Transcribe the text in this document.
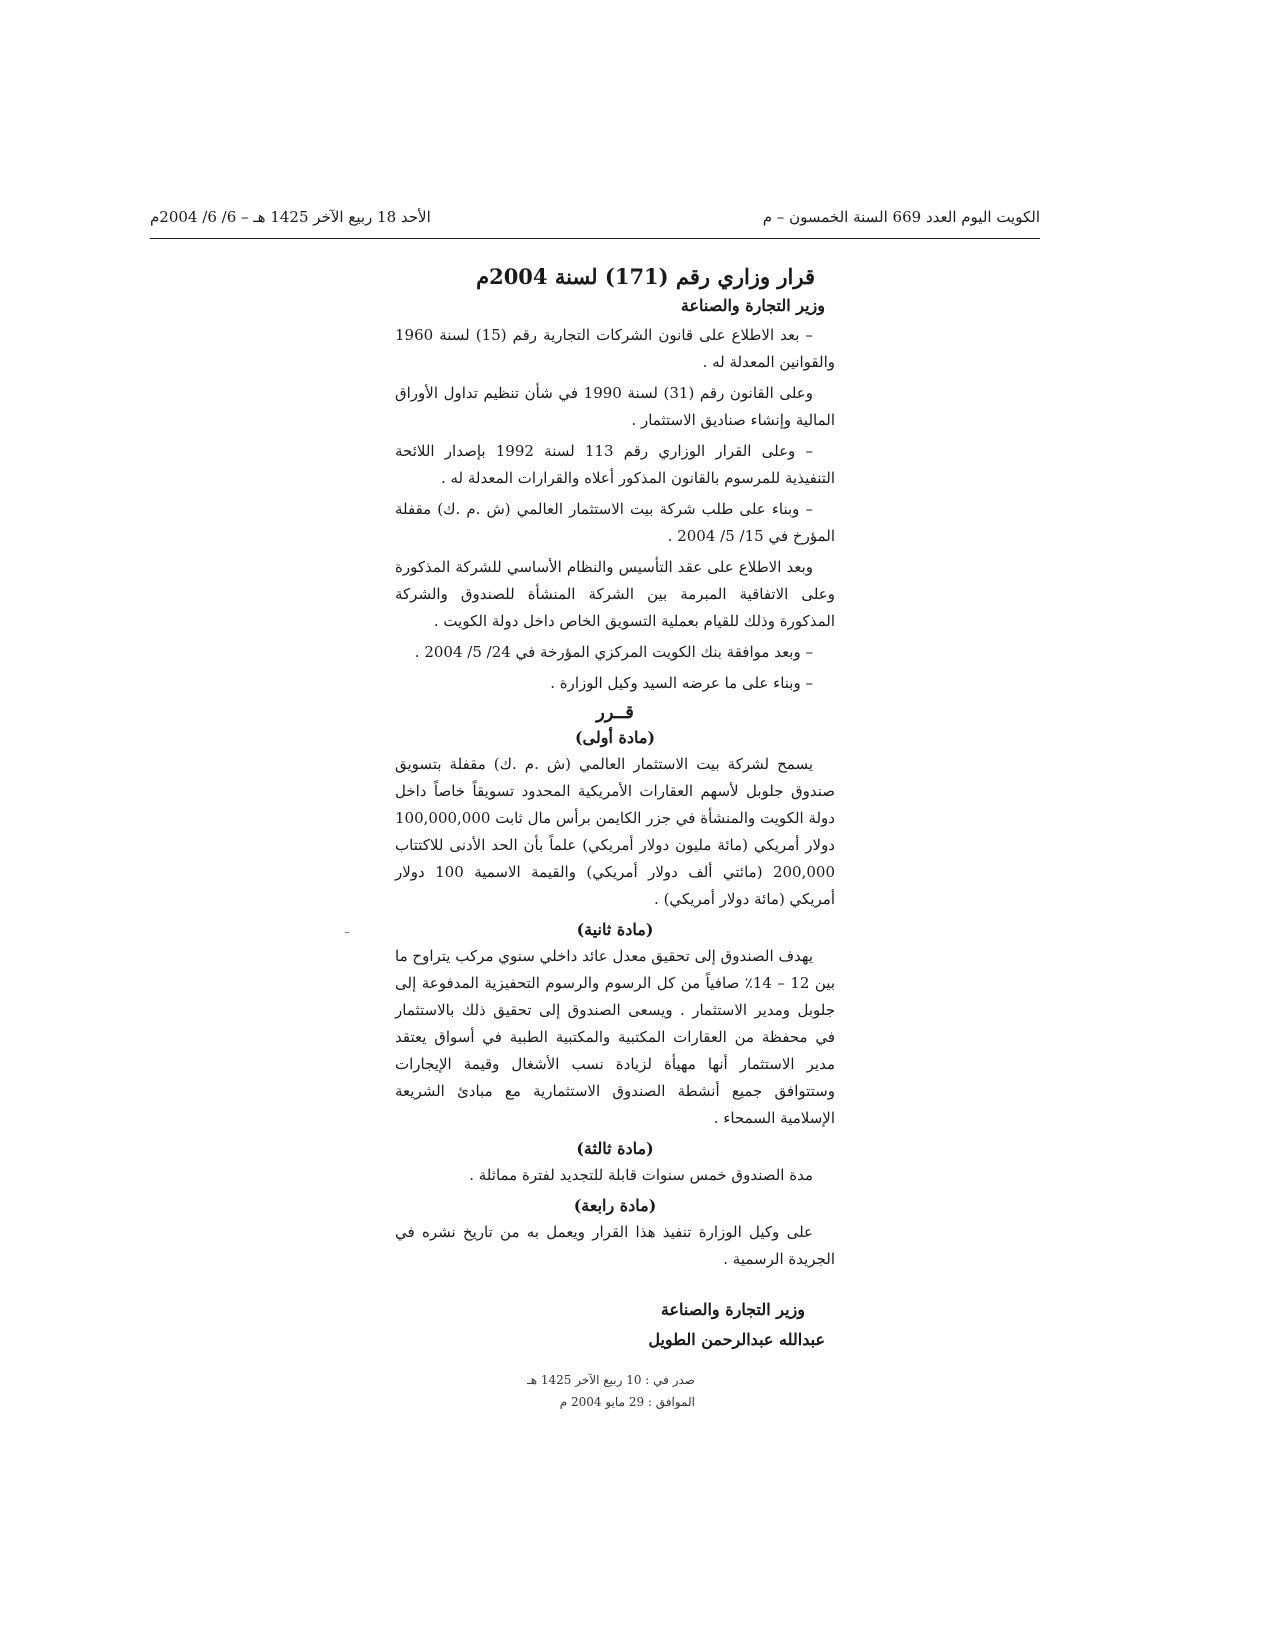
الكويت اليوم العدد 669 السنة الخمسون – م
الأحد 18 ربيع الآخر 1425 هـ – 6/ 6/ 2004م
قرار وزاري رقم (171) لسنة 2004م
وزير التجارة والصناعة

– بعد الاطلاع على قانون الشركات التجارية رقم (15) لسنة 1960 والقوانين المعدلة له .

وعلى القانون رقم (31) لسنة 1990 في شأن تنظيم تداول الأوراق المالية وإنشاء صناديق الاستثمار .

– وعلى القرار الوزاري رقم 113 لسنة 1992 بإصدار اللائحة التنفيذية للمرسوم بالقانون المذكور أعلاه والقرارات المعدلة له .

– وبناء على طلب شركة بيت الاستثمار العالمي (ش .م .ك) مقفلة المؤرخ في 15/ 5/ 2004 .

وبعد الاطلاع على عقد التأسيس والنظام الأساسي للشركة المذكورة وعلى الاتفاقية المبرمة بين الشركة المنشأة للصندوق والشركة المذكورة وذلك للقيام بعملية التسويق الخاص داخل دولة الكويت .

– وبعد موافقة بنك الكويت المركزي المؤرخة في 24/ 5/ 2004 .

– وبناء على ما عرضه السيد وكيل الوزارة .

قــرر
(مادة أولى)

يسمح لشركة بيت الاستثمار العالمي (ش .م .ك) مقفلة بتسويق صندوق جلوبل لأسهم العقارات الأمريكية المحدود تسويقاً خاصاً داخل دولة الكويت والمنشأة في جزر الكايمن برأس مال ثابت 100,000,000 دولار أمريكي (مائة مليون دولار أمريكي) علماً بأن الحد الأدنى للاكتتاب 200,000 (مائتي ألف دولار أمريكي) والقيمة الاسمية 100 دولار أمريكي (مائة دولار أمريكي) .

(مادة ثانية)

يهدف الصندوق إلى تحقيق معدل عائد داخلي سنوي مركب يتراوح ما بين 12 – 14٪ صافياً من كل الرسوم والرسوم التحفيزية المدفوعة إلى جلوبل ومدير الاستثمار . ويسعى الصندوق إلى تحقيق ذلك بالاستثمار في محفظة من العقارات المكتبية والمكتبية الطبية في أسواق يعتقد مدير الاستثمار أنها مهيأة لزيادة نسب الأشغال وقيمة الإيجارات وستتوافق جميع أنشطة الصندوق الاستثمارية مع مبادئ الشريعة الإسلامية السمحاء .

(مادة ثالثة)

مدة الصندوق خمس سنوات قابلة للتجديد لفترة مماثلة .

(مادة رابعة)

على وكيل الوزارة تنفيذ هذا القرار ويعمل به من تاريخ نشره في الجريدة الرسمية .

وزير التجارة والصناعة
عبدالله عبدالرحمن الطويل
صدر في : 10 ربيع الآخر 1425 هـ
الموافق : 29 مايو 2004 م
